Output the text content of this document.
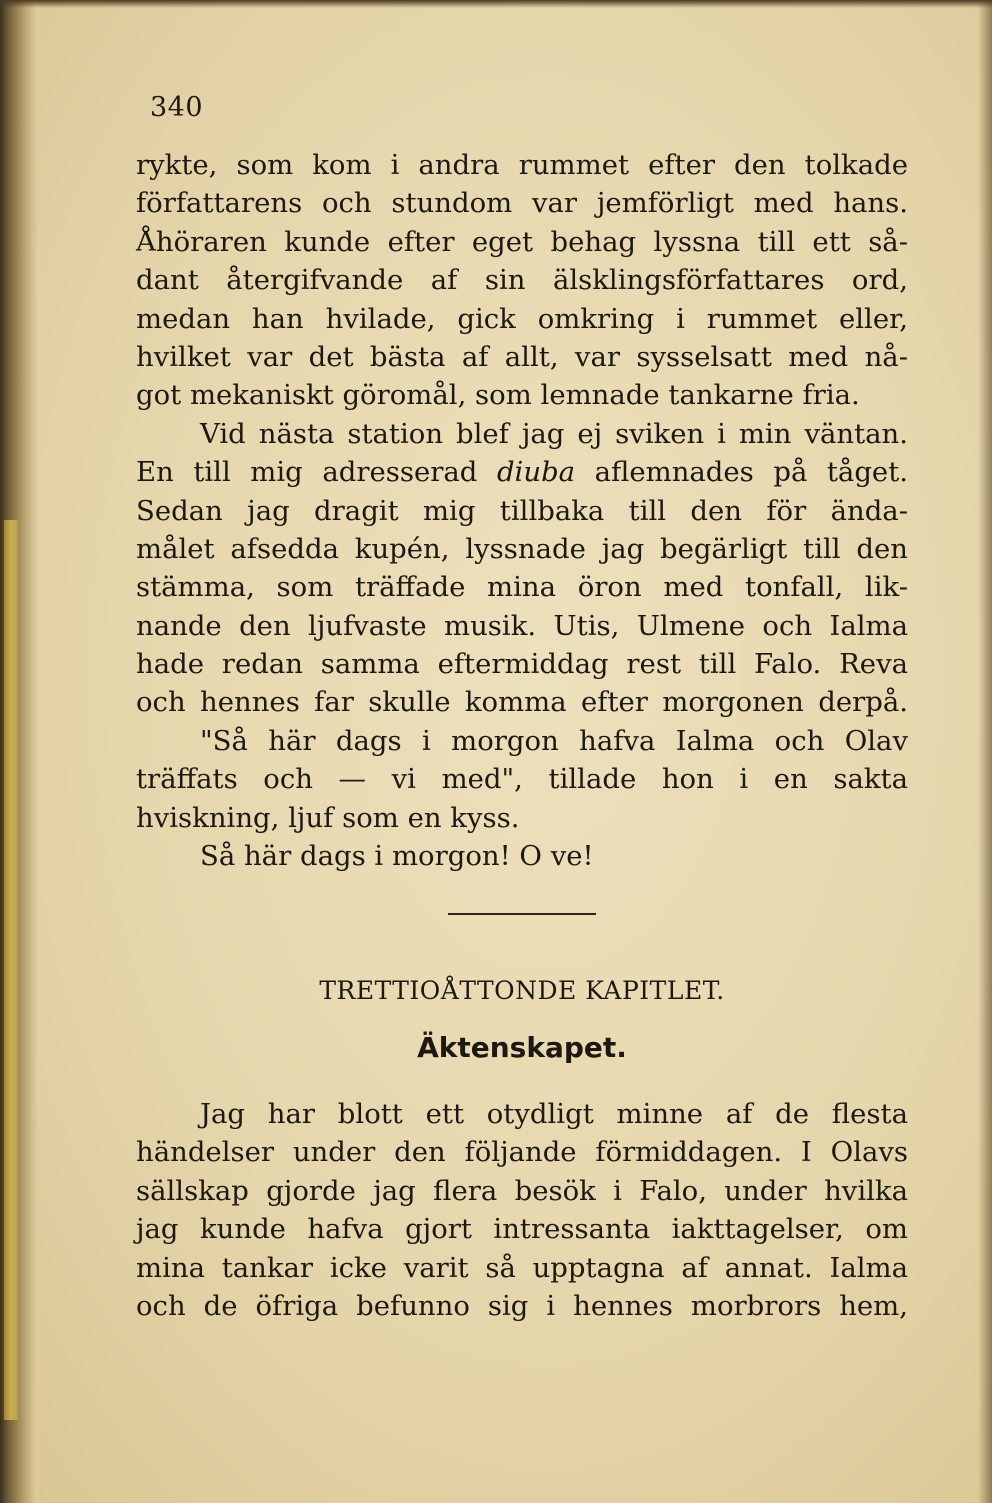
340
rykte, som kom i andra rummet efter den tolkade
författarens och stundom var jemförligt med hans.
Åhöraren kunde efter eget behag lyssna till ett så-
dant återgifvande af sin älsklingsförfattares ord,
medan han hvilade, gick omkring i rummet eller,
hvilket var det bästa af allt, var sysselsatt med nå-
got mekaniskt göromål, som lemnade tankarne fria.
Vid nästa station blef jag ej sviken i min väntan.
En till mig adresserad diuba aflemnades på tåget.
Sedan jag dragit mig tillbaka till den för ända-
målet afsedda kupén, lyssnade jag begärligt till den
stämma, som träffade mina öron med tonfall, lik-
nande den ljufvaste musik. Utis, Ulmene och Ialma
hade redan samma eftermiddag rest till Falo. Reva
och hennes far skulle komma efter morgonen derpå.
"Så här dags i morgon hafva Ialma och Olav
träffats och — vi med", tillade hon i en sakta
hviskning, ljuf som en kyss.
Så här dags i morgon! O ve!
TRETTIOÅTTONDE KAPITLET.
Äktenskapet.
Jag har blott ett otydligt minne af de flesta
händelser under den följande förmiddagen. I Olavs
sällskap gjorde jag flera besök i Falo, under hvilka
jag kunde hafva gjort intressanta iakttagelser, om
mina tankar icke varit så upptagna af annat. Ialma
och de öfriga befunno sig i hennes morbrors hem,
